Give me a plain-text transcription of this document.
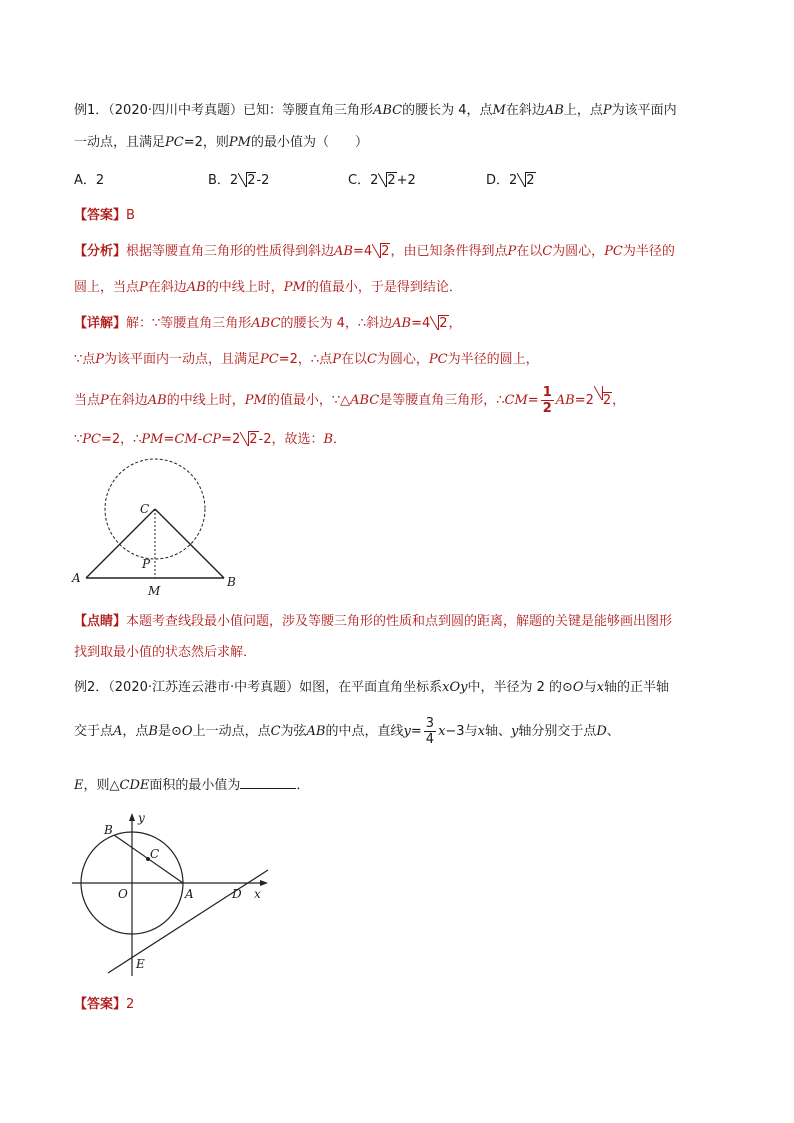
例1．（2020·四川中考真题）已知：等腰直角三角形ABC的腰长为 4，点M在斜边AB上，点P为该平面内
一动点，且满足PC=2，则PM的最小值为（　　）
A．2	B．2 2-2	C．2 2+2	D．2 2
【答案】B
【分析】根据等腰直角三角形的性质得到斜边AB=4 2，由已知条件得到点P在以C为圆心，PC为半径的
圆上，当点P在斜边AB的中线上时，PM的值最小，于是得到结论．
【详解】解：∵等腰直角三角形ABC的腰长为 4，∴斜边AB=4 2，
∵点P为该平面内一动点，且满足PC=2，∴点P在以C为圆心，PC为半径的圆上，
当点P在斜边AB的中线上时，PM的值最小，∵△ABC是等腰直角三角形，∴CM= $\frac{1}{2} AB=2$ 2，
∵PC=2，∴PM=CM-CP=2 2-2，故选：B．
C
P
A	B
M
【点睛】本题考查线段最小值问题，涉及等腰三角形的性质和点到圆的距离，解题的关键是能够画出图形
找到取最小值的状态然后求解．
例2．（2020·江苏连云港市·中考真题）如图，在平面直角坐标系xOy中，半径为 2 的⊙O与x轴的正半轴
交于点A，点B是⊙O上一动点，点C为弦AB的中点，直线$y= \frac{3}{4} x-3$与x轴、y轴分别交于点D、
E，则△CDE面积的最小值为	．
B
y
C
O	A	D x
E
【答案】2
